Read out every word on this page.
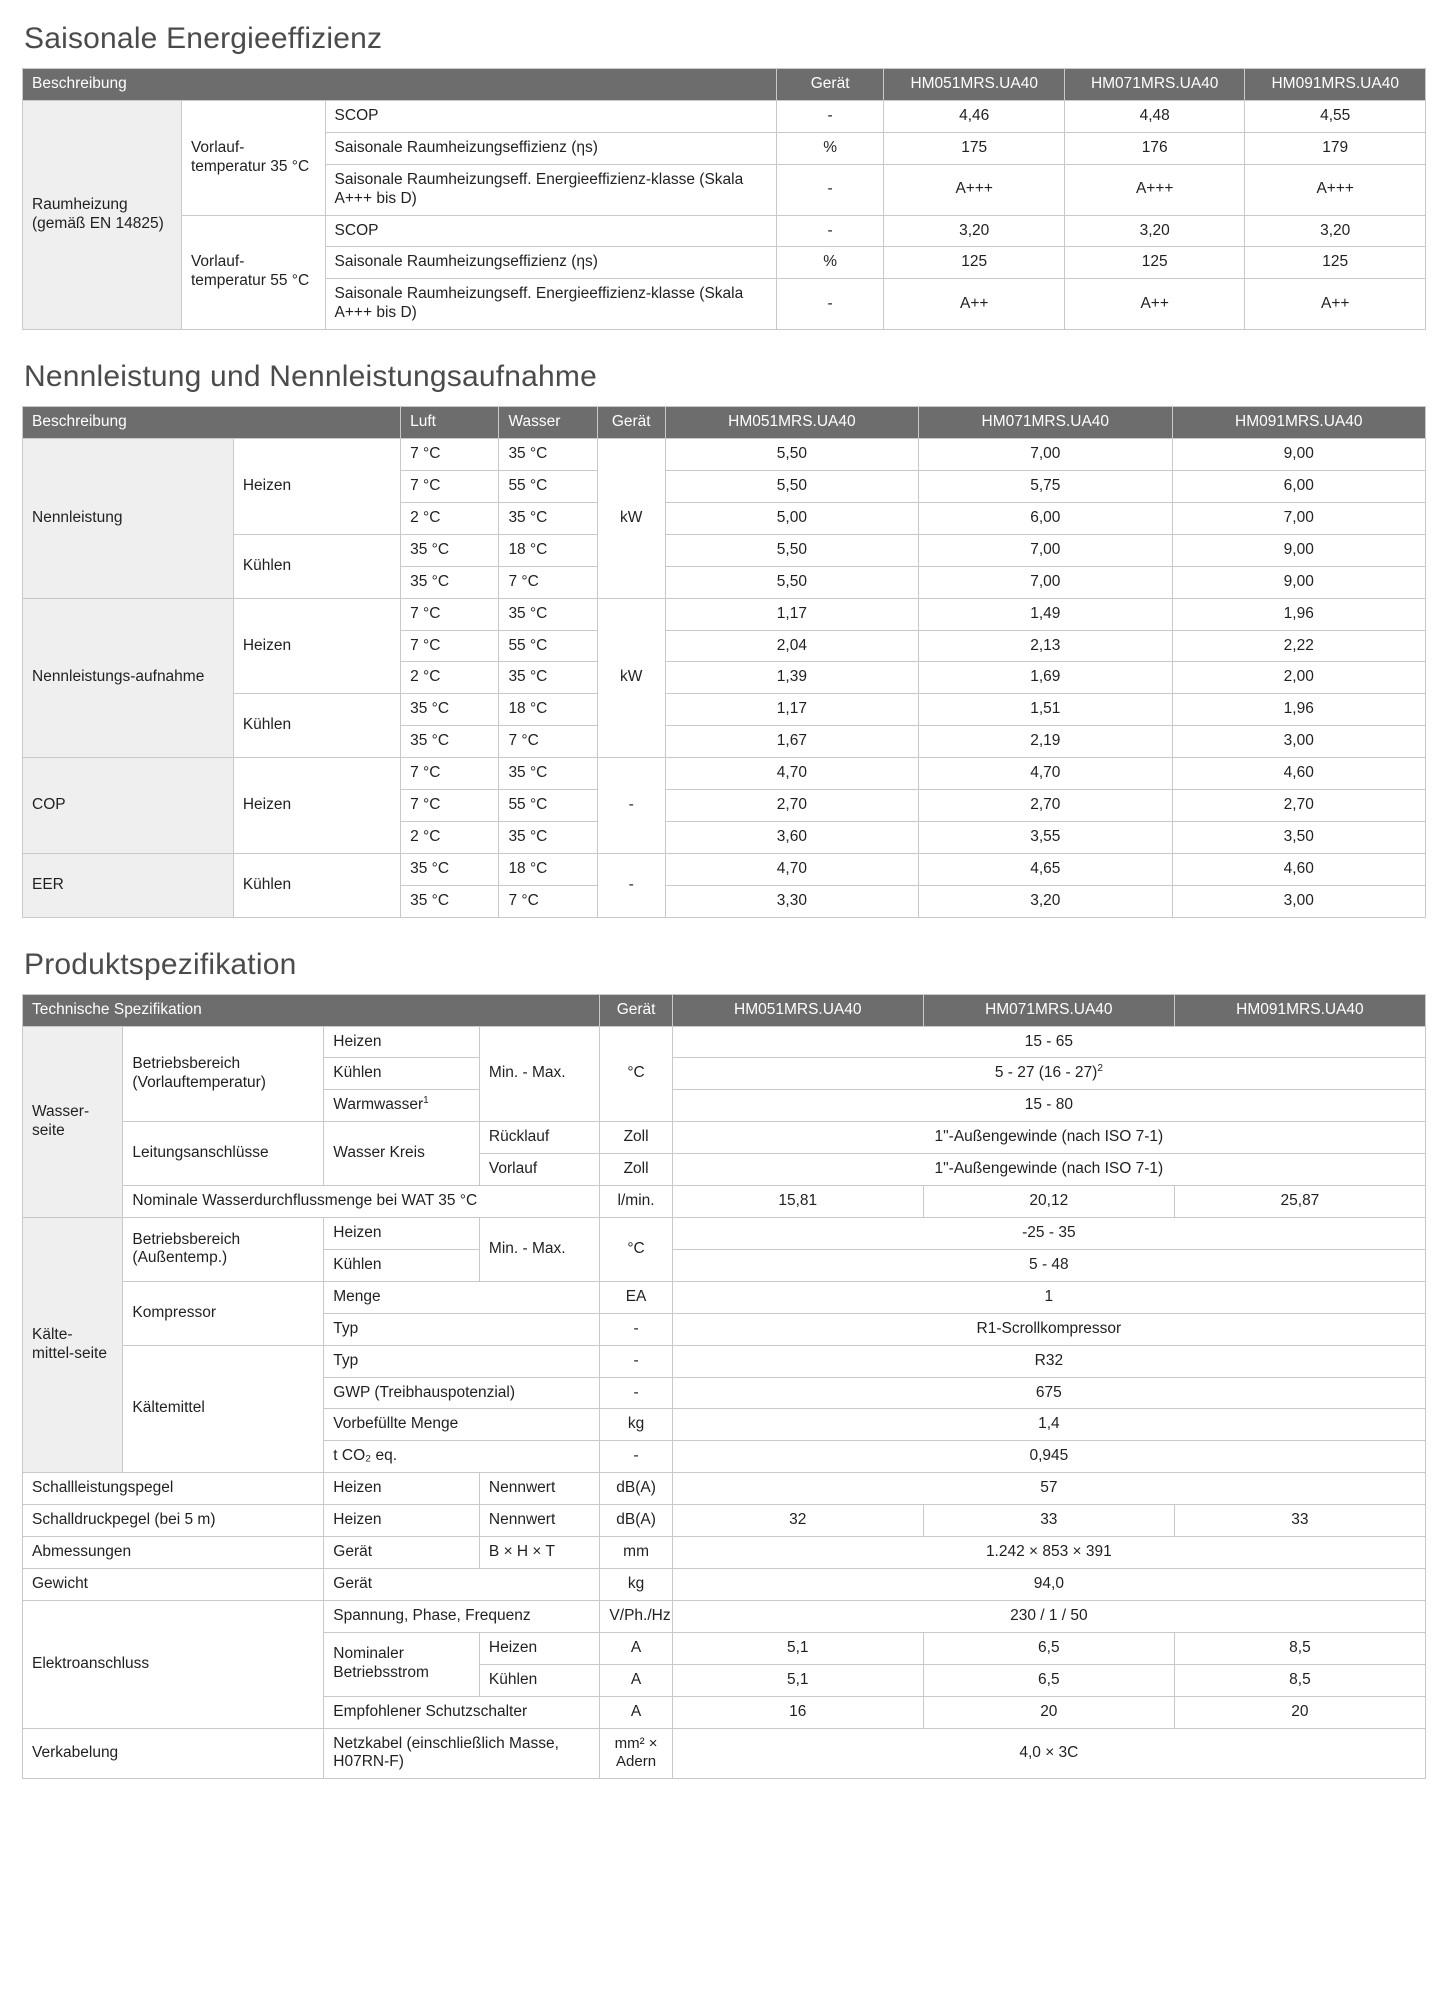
Saisonale Energieeffizienz
Beschreibung			Gerät	HM051MRS.UA40	HM071MRS.UA40	HM091MRS.UA40
Raumheizung (gemäß EN 14825)	Vorlauf-temperatur 35 °C	SCOP	-	4,46	4,48	4,55
		Saisonale Raumheizungseffizienz (ηs)	%	175	176	179
		Saisonale Raumheizungseff. Energieeffizienz-klasse (Skala A+++ bis D)	-	A+++	A+++	A+++
	Vorlauf-temperatur 55 °C	SCOP	-	3,20	3,20	3,20
		Saisonale Raumheizungseffizienz (ηs)	%	125	125	125
		Saisonale Raumheizungseff. Energieeffizienz-klasse (Skala A+++ bis D)	-	A++	A++	A++
Nennleistung und Nennleistungsaufnahme
Beschreibung		Luft	Wasser	Gerät	HM051MRS.UA40	HM071MRS.UA40	HM091MRS.UA40
Nennleistung	Heizen	7 °C	35 °C	kW	5,50	7,00	9,00
		7 °C	55 °C		5,50	5,75	6,00
		2 °C	35 °C		5,00	6,00	7,00
	Kühlen	35 °C	18 °C		5,50	7,00	9,00
		35 °C	7 °C		5,50	7,00	9,00
Nennleistungs-aufnahme	Heizen	7 °C	35 °C	kW	1,17	1,49	1,96
		7 °C	55 °C		2,04	2,13	2,22
		2 °C	35 °C		1,39	1,69	2,00
	Kühlen	35 °C	18 °C		1,17	1,51	1,96
		35 °C	7 °C		1,67	2,19	3,00
COP	Heizen	7 °C	35 °C	-	4,70	4,70	4,60
		7 °C	55 °C		2,70	2,70	2,70
		2 °C	35 °C		3,60	3,55	3,50
EER	Kühlen	35 °C	18 °C	-	4,70	4,65	4,60
		35 °C	7 °C		3,30	3,20	3,00
Produktspezifikation
Technische Spezifikation				Gerät	HM051MRS.UA40	HM071MRS.UA40	HM091MRS.UA40
Wasser-seite	Betriebsbereich (Vorlauftemperatur)	Heizen	Min. - Max.	°C	15 - 65		
		Kühlen			5 - 27 (16 - 27)$^2$
		Warmwasser$^1$			15 - 80		
	Leitungsanschlüsse	Wasser Kreis	Rücklauf	Zoll	1"-Außengewinde (nach ISO 7-1)		
			Vorlauf	Zoll	1"-Außengewinde (nach ISO 7-1)		
	Nominale Wasserdurchflussmenge bei WAT 35 °C			l/min.	15,81	20,12	25,87
Kälte-mittel-seite	Betriebsbereich (Außentemp.)	Heizen	Min. - Max.	°C	-25 - 35		
		Kühlen			5 - 48		
	Kompressor	Menge		EA	1		
		Typ		-	R1-Scrollkompressor		
	Kältemittel	Typ		-	R32		
		GWP (Treibhauspotenzial)		-	675		
		Vorbefüllte Menge		kg	1,4		
		t CO₂ eq.		-	0,945		
Schallleistungspegel		Heizen	Nennwert	dB(A)	57		
Schalldruckpegel (bei 5 m)		Heizen	Nennwert	dB(A)	32	33	33
Abmessungen		Gerät	B × H × T	mm	1.242 × 853 × 391		
Gewicht		Gerät		kg	94,0		
Elektroanschluss		Spannung, Phase, Frequenz		V/Ph./Hz	230 / 1 / 50		
		Nominaler Betriebsstrom	Heizen	A	5,1	6,5	8,5
			Kühlen	A	5,1	6,5	8,5
		Empfohlener Schutzschalter		A	16	20	20
Verkabelung		Netzkabel (einschließlich Masse, H07RN-F)		mm² × Adern	4,0 × 3C		
